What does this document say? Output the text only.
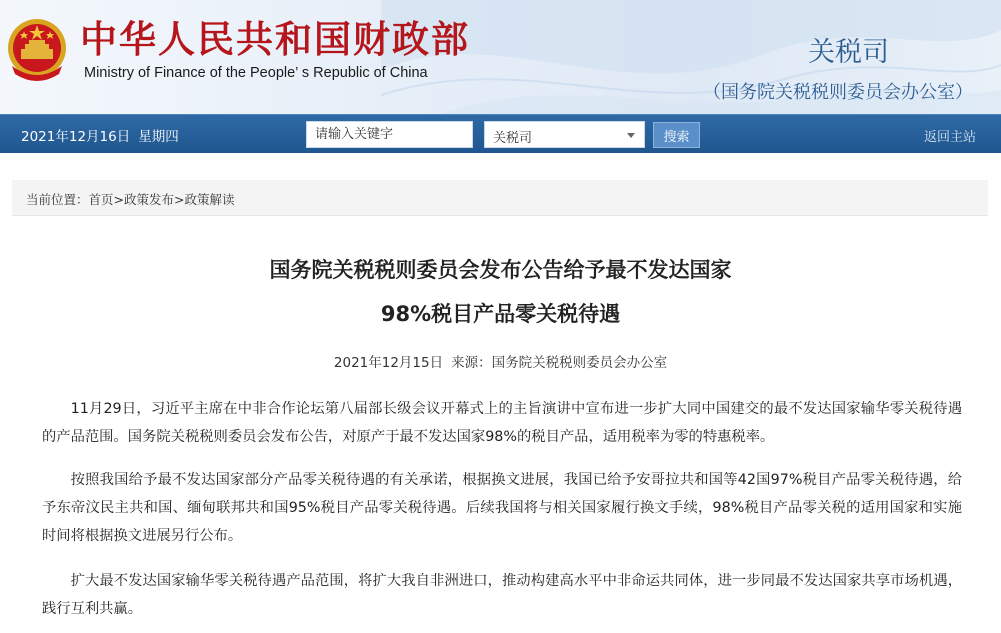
中华人民共和国财政部
Ministry of Finance of the People’ s Republic of China
关税司
（国务院关税税则委员会办公室）
2021年12月16日 星期四
请输入关键字	关税司	搜索	返回主站
当前位置：首页>政策发布>政策解读
国务院关税税则委员会发布公告给予最不发达国家
98%税目产品零关税待遇
2021年12月15日 来源：国务院关税税则委员会办公室

11月29日，习近平主席在中非合作论坛第八届部长级会议开幕式上的主旨演讲中宣布进一步扩大同中国建交的最不发达国家输华零关税待遇的产品范围。国务院关税税则委员会发布公告，对原产于最不发达国家98%的税目产品，适用税率为零的特惠税率。

按照我国给予最不发达国家部分产品零关税待遇的有关承诺，根据换文进展，我国已给予安哥拉共和国等42国97%税目产品零关税待遇，给予东帝汶民主共和国、缅甸联邦共和国95%税目产品零关税待遇。后续我国将与相关国家履行换文手续，98%税目产品零关税的适用国家和实施时间将根据换文进展另行公布。

扩大最不发达国家输华零关税待遇产品范围，将扩大我自非洲进口，推动构建高水平中非命运共同体，进一步同最不发达国家共享市场机遇，践行互利共赢。
